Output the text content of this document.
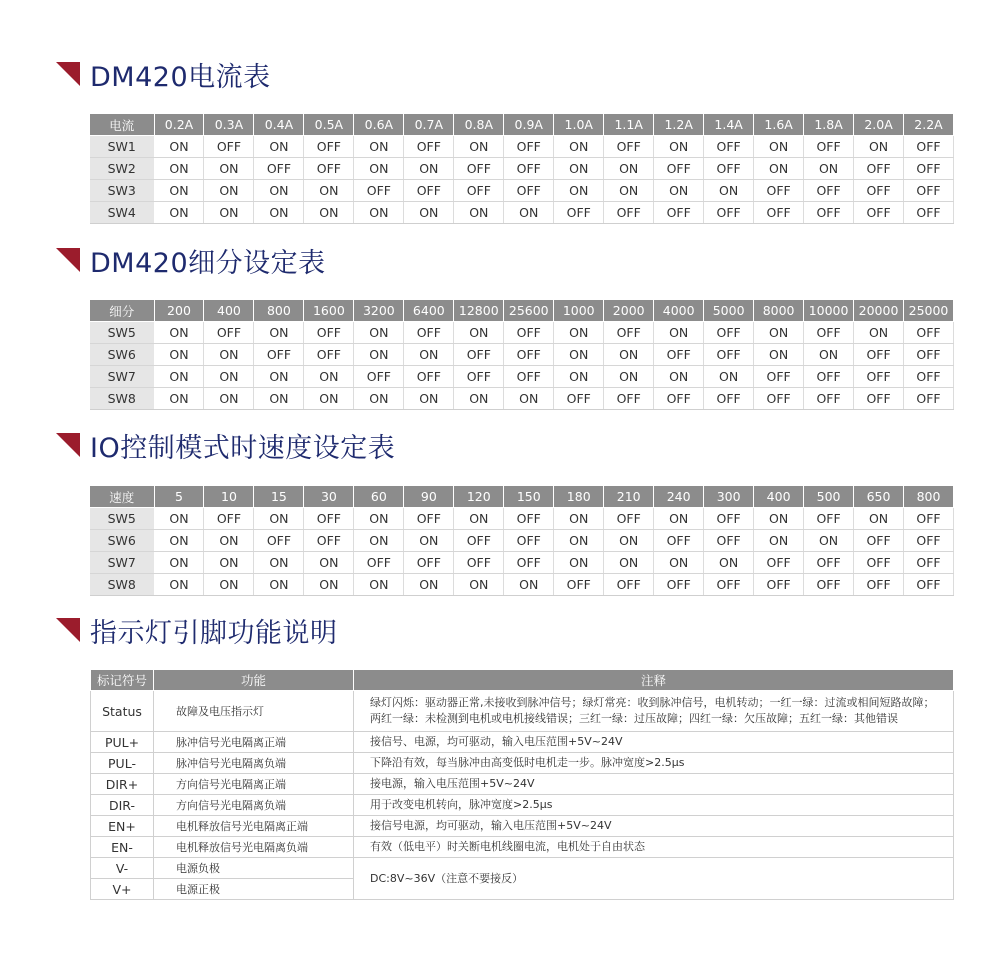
DM420电流表
电流	0.2A	0.3A	0.4A	0.5A	0.6A	0.7A	0.8A	0.9A	1.0A	1.1A	1.2A	1.4A	1.6A	1.8A	2.0A	2.2A
SW1	ON	OFF	ON	OFF	ON	OFF	ON	OFF	ON	OFF	ON	OFF	ON	OFF	ON	OFF
SW2	ON	ON	OFF	OFF	ON	ON	OFF	OFF	ON	ON	OFF	OFF	ON	ON	OFF	OFF
SW3	ON	ON	ON	ON	OFF	OFF	OFF	OFF	ON	ON	ON	ON	OFF	OFF	OFF	OFF
SW4	ON	ON	ON	ON	ON	ON	ON	ON	OFF	OFF	OFF	OFF	OFF	OFF	OFF	OFF
DM420细分设定表
细分	200	400	800	1600	3200	6400	12800	25600	1000	2000	4000	5000	8000	10000	20000	25000
SW5	ON	OFF	ON	OFF	ON	OFF	ON	OFF	ON	OFF	ON	OFF	ON	OFF	ON	OFF
SW6	ON	ON	OFF	OFF	ON	ON	OFF	OFF	ON	ON	OFF	OFF	ON	ON	OFF	OFF
SW7	ON	ON	ON	ON	OFF	OFF	OFF	OFF	ON	ON	ON	ON	OFF	OFF	OFF	OFF
SW8	ON	ON	ON	ON	ON	ON	ON	ON	OFF	OFF	OFF	OFF	OFF	OFF	OFF	OFF
IO控制模式时速度设定表
速度	5	10	15	30	60	90	120	150	180	210	240	300	400	500	650	800
SW5	ON	OFF	ON	OFF	ON	OFF	ON	OFF	ON	OFF	ON	OFF	ON	OFF	ON	OFF
SW6	ON	ON	OFF	OFF	ON	ON	OFF	OFF	ON	ON	OFF	OFF	ON	ON	OFF	OFF
SW7	ON	ON	ON	ON	OFF	OFF	OFF	OFF	ON	ON	ON	ON	OFF	OFF	OFF	OFF
SW8	ON	ON	ON	ON	ON	ON	ON	ON	OFF	OFF	OFF	OFF	OFF	OFF	OFF	OFF
指示灯引脚功能说明
标记符号	功能	注释
Status	故障及电压指示灯	绿灯闪烁：驱动器正常,未接收到脉冲信号；绿灯常亮：收到脉冲信号，电机转动；一红一绿：过流或相间短路故障；
两红一绿：未检测到电机或电机接线错误；三红一绿：过压故障；四红一绿：欠压故障；五红一绿：其他错误

PUL+	脉冲信号光电隔离正端	接信号、电源，均可驱动，输入电压范围+5V~24V
PUL-	脉冲信号光电隔离负端	下降沿有效，每当脉冲由高变低时电机走一步。脉冲宽度>2.5μs
DIR+	方向信号光电隔离正端	接电源，输入电压范围+5V~24V
DIR-	方向信号光电隔离负端	用于改变电机转向，脉冲宽度>2.5μs
EN+	电机释放信号光电隔离正端	接信号电源，均可驱动，输入电压范围+5V~24V
EN-	电机释放信号光电隔离负端	有效（低电平）时关断电机线圈电流，电机处于自由状态
V-	电源负极	DC:8V~36V（注意不要接反）
V+	电源正极	
